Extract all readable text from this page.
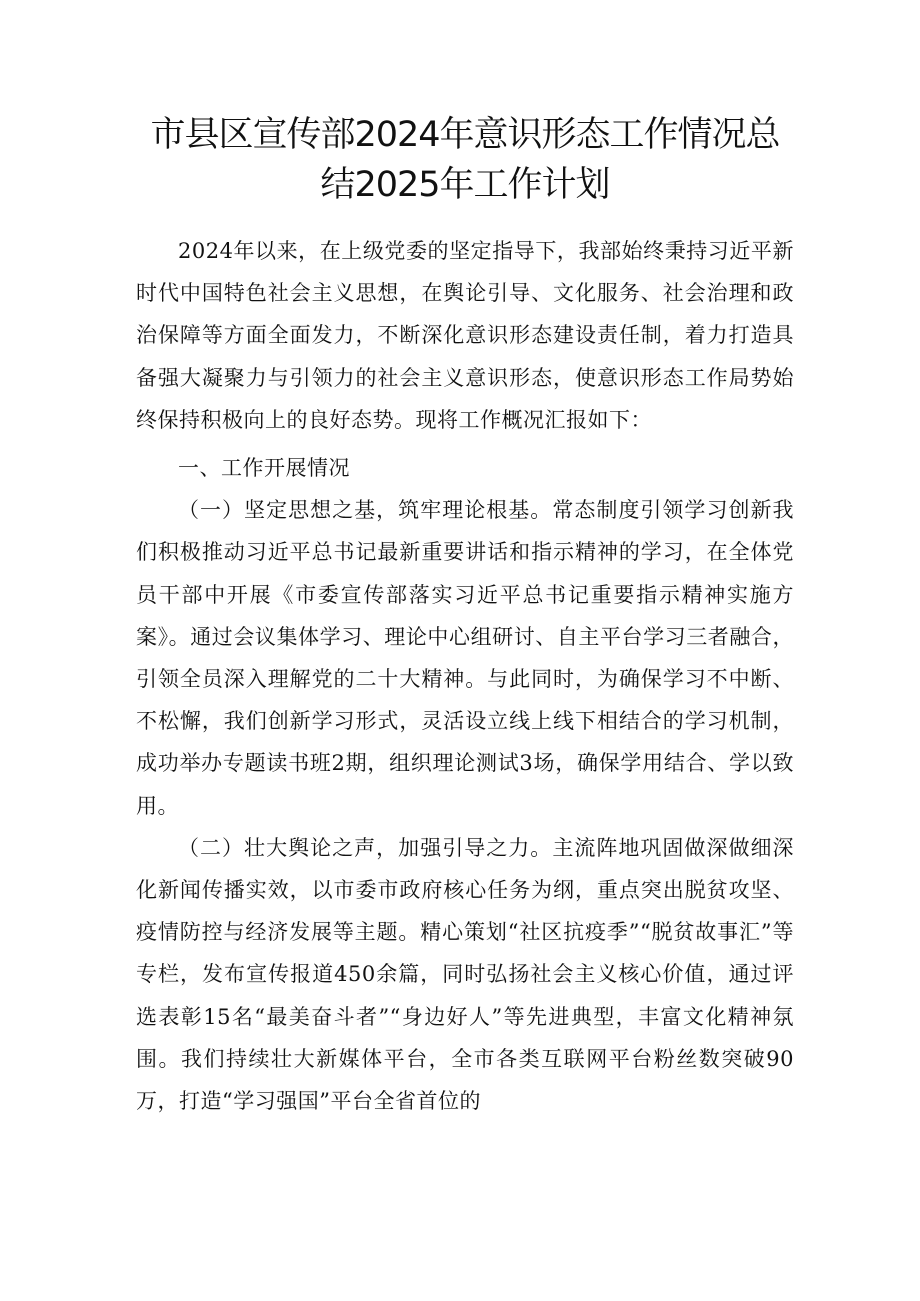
市县区宣传部2024年意识形态工作情况总
结2025年工作计划

2024年以来，在上级党委的坚定指导下，我部始终秉持习近平新时代中国特色社会主义思想，在舆论引导、文化服务、社会治理和政治保障等方面全面发力，不断深化意识形态建设责任制，着力打造具备强大凝聚力与引领力的社会主义意识形态，使意识形态工作局势始终保持积极向上的良好态势。现将工作概况汇报如下：

一、工作开展情况

（一）坚定思想之基，筑牢理论根基。常态制度引领学习创新我们积极推动习近平总书记最新重要讲话和指示精神的学习，在全体党员干部中开展《市委宣传部落实习近平总书记重要指示精神实施方案》。通过会议集体学习、理论中心组研讨、自主平台学习三者融合，引领全员深入理解党的二十大精神。与此同时，为确保学习不中断、不松懈，我们创新学习形式，灵活设立线上线下相结合的学习机制，成功举办专题读书班2期，组织理论测试3场，确保学用结合、学以致用。

（二）壮大舆论之声，加强引导之力。主流阵地巩固做深做细深化新闻传播实效，以市委市政府核心任务为纲，重点突出脱贫攻坚、疫情防控与经济发展等主题。精心策划“社区抗疫季”“脱贫故事汇”等专栏，发布宣传报道450余篇，同时弘扬社会主义核心价值，通过评选表彰15名“最美奋斗者”“身边好人”等先进典型，丰富文化精神氛围。我们持续壮大新媒体平台，全市各类互联网平台粉丝数突破90万，打造“学习强国”平台全省首位的
